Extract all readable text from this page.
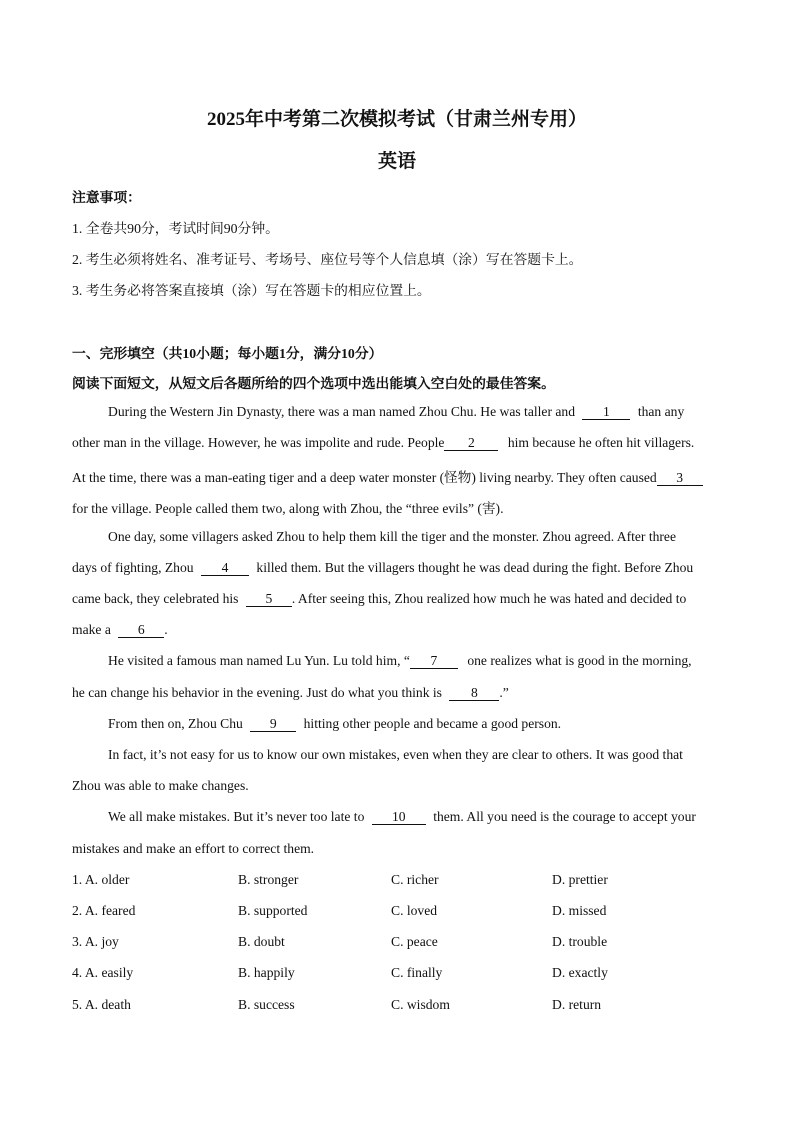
2025年中考第二次模拟考试（甘肃兰州专用）
英语
注意事项：
1. 全卷共90分，考试时间90分钟。
2. 考生必须将姓名、准考证号、考场号、座位号等个人信息填（涂）写在答题卡上。
3. 考生务必将答案直接填（涂）写在答题卡的相应位置上。
一、完形填空（共10小题；每小题1分，满分10分）
阅读下面短文，从短文后各题所给的四个选项中选出能填入空白处的最佳答案。
During the Western Jin Dynasty, there was a man named Zhou Chu. He was taller and 1 than any
other man in the village. However, he was impolite and rude. People 2 him because he often hit villagers.
At the time, there was a man-eating tiger and a deep water monster (怪物) living nearby. They often caused 3
for the village. People called them two, along with Zhou, the “three evils” (害).
One day, some villagers asked Zhou to help them kill the tiger and the monster. Zhou agreed. After three
days of fighting, Zhou 4 killed them. But the villagers thought he was dead during the fight. Before Zhou
came back, they celebrated his 5 . After seeing this, Zhou realized how much he was hated and decided to
make a 6 .
He visited a famous man named Lu Yun. Lu told him, “ 7 one realizes what is good in the morning,
he can change his behavior in the evening. Just do what you think is 8 .”
From then on, Zhou Chu 9 hitting other people and became a good person.
In fact, it’s not easy for us to know our own mistakes, even when they are clear to others. It was good that
Zhou was able to make changes.
We all make mistakes. But it’s never too late to 10 them. All you need is the courage to accept your
mistakes and make an effort to correct them.
1. A. older	B. stronger	C. richer	D. prettier
2. A. feared	B. supported	C. loved	D. missed
3. A. joy	B. doubt	C. peace	D. trouble
4. A. easily	B. happily	C. finally	D. exactly
5. A. death	B. success	C. wisdom	D. return
